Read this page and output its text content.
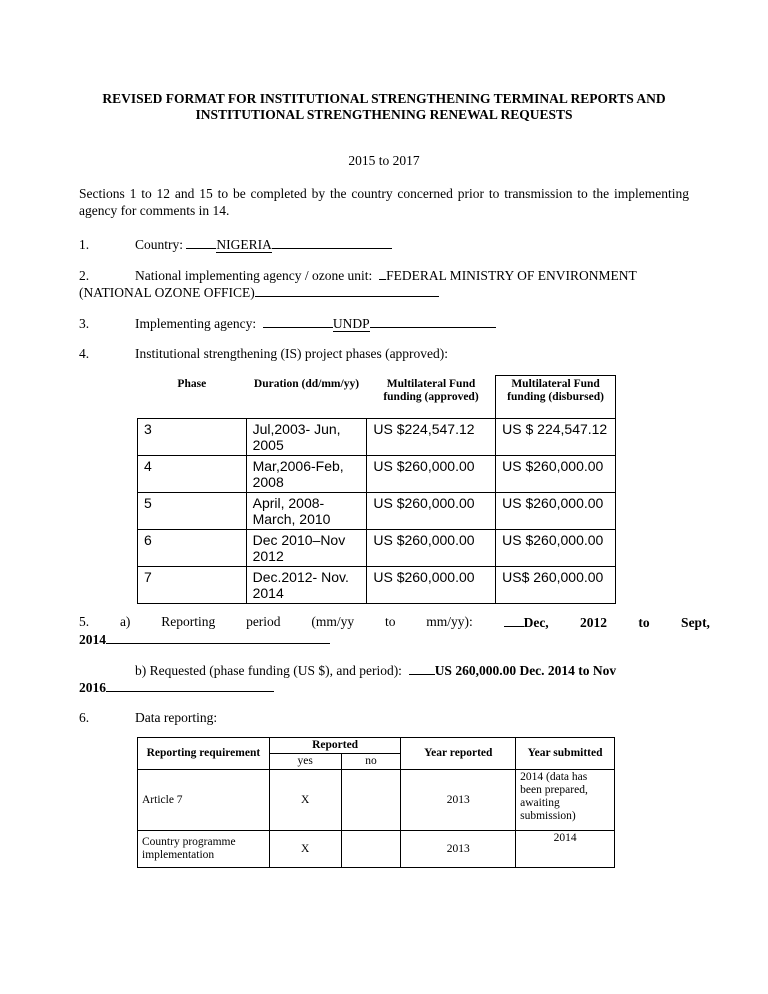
REVISED FORMAT FOR INSTITUTIONAL STRENGTHENING TERMINAL REPORTS AND
INSTITUTIONAL STRENGTHENING RENEWAL REQUESTS
2015 to 2017
Sections 1 to 12 and 15 to be completed by the country concerned prior to transmission to the implementing agency for comments in 14.
1.	Country: NIGERIA
2.	National implementing agency / ozone unit: FEDERAL MINISTRY OF ENVIRONMENT
(NATIONAL OZONE OFFICE)
3.	Implementing agency:	UNDP
4.	Institutional strengthening (IS) project phases (approved):
Phase	Duration (dd/mm/yy)	Multilateral Fund funding (approved)	Multilateral Fund funding (disbursed)
3	Jul,2003- Jun, 2005	US $224,547.12	US $ 224,547.12
4	Mar,2006-Feb, 2008	US $260,000.00	US $260,000.00
5	April, 2008- March, 2010	US $260,000.00	US $260,000.00
6	Dec 2010–Nov 2012	US $260,000.00	US $260,000.00
7	Dec.2012- Nov. 2014	US $260,000.00	US$ 260,000.00
5. a) Reporting period (mm/yy to mm/yy):	Dec, 2012 to Sept,
2014
b) Requested (phase funding (US $), and period): US 260,000.00 Dec. 2014 to Nov
2016
6.	Data reporting:
Reporting requirement	Reported		Year reported	Year submitted
	yes	no		
Article 7	X		2013	2014 (data has been prepared, awaiting submission)
Country programme implementation	X		2013	2014
